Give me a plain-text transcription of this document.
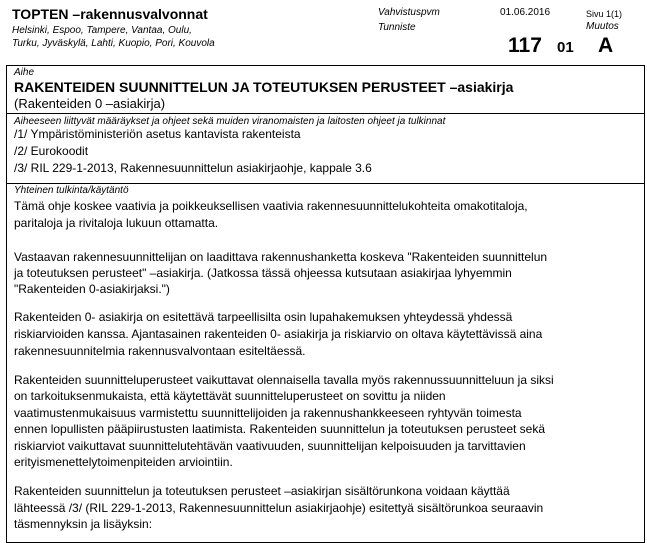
TOPTEN –rakennusvalvonnat
Helsinki, Espoo, Tampere, Vantaa, Oulu,
Turku, Jyväskylä, Lahti, Kuopio, Pori, Kouvola
Vahvistuspvm	01.06.2016	Sivu 1(1)
Tunniste	Muutos
117 01 A
Aihe
RAKENTEIDEN SUUNNITTELUN JA TOTEUTUKSEN PERUSTEET –asiakirja
(Rakenteiden 0 –asiakirja)
Aiheeseen liittyvät määräykset ja ohjeet sekä muiden viranomaisten ja laitosten ohjeet ja tulkinnat
/1/ Ympäristöministeriön asetus kantavista rakenteista
/2/ Eurokoodit
/3/ RIL 229-1-2013, Rakennesuunnittelun asiakirjaohje, kappale 3.6
Yhteinen tulkinta/käytäntö
Tämä ohje koskee vaativia ja poikkeuksellisen vaativia rakennesuunnittelukohteita omakotitaloja,
paritaloja ja rivitaloja lukuun ottamatta.
Vastaavan rakennesuunnittelijan on laadittava rakennushanketta koskeva "Rakenteiden suunnittelun
ja toteutuksen perusteet" –asiakirja. (Jatkossa tässä ohjeessa kutsutaan asiakirjaa lyhyemmin
"Rakenteiden 0-asiakirjaksi.")
Rakenteiden 0- asiakirja on esitettävä tarpeellisilta osin lupahakemuksen yhteydessä yhdessä
riskiarvioiden kanssa. Ajantasainen rakenteiden 0- asiakirja ja riskiarvio on oltava käytettävissä aina
rakennesuunnitelmia rakennusvalvontaan esiteltäessä.
Rakenteiden suunnitteluperusteet vaikuttavat olennaisella tavalla myös rakennussuunnitteluun ja siksi
on tarkoituksenmukaista, että käytettävät suunnitteluperusteet on sovittu ja niiden
vaatimustenmukaisuus varmistettu suunnittelijoiden ja rakennushankkeeseen ryhtyvän toimesta
ennen lopullisten pääpiirustusten laatimista. Rakenteiden suunnittelun ja toteutuksen perusteet sekä
riskiarviot vaikuttavat suunnittelutehtävän vaativuuden, suunnittelijan kelpoisuuden ja tarvittavien
erityismenettelytoimenpiteiden arviointiin.
Rakenteiden suunnittelun ja toteutuksen perusteet –asiakirjan sisältörunkona voidaan käyttää
lähteessä /3/ (RIL 229-1-2013, Rakennesuunnittelun asiakirjaohje) esitettyä sisältörunkoa seuraavin
täsmennyksin ja lisäyksin:
